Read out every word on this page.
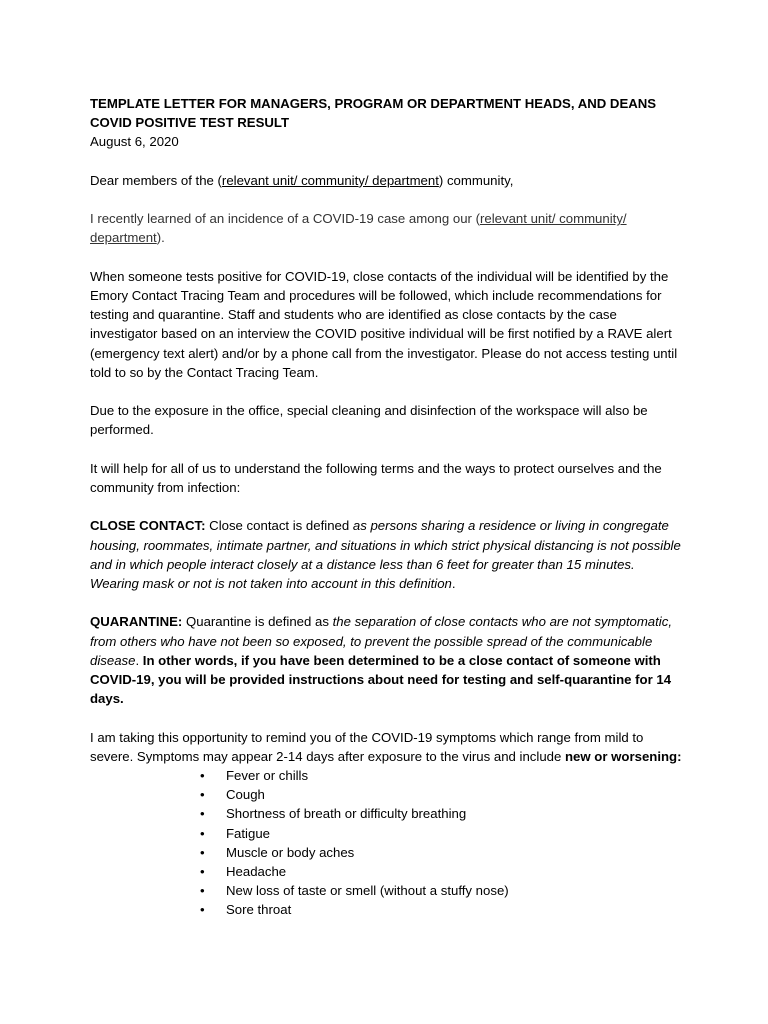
TEMPLATE LETTER FOR MANAGERS, PROGRAM OR DEPARTMENT HEADS, AND DEANS

COVID POSITIVE TEST RESULT

August 6, 2020

Dear members of the (relevant unit/ community/ department) community,

I recently learned of an incidence of a COVID-19 case among our (relevant unit/ community/ department).

When someone tests positive for COVID-19, close contacts of the individual will be identified by the Emory Contact Tracing Team and procedures will be followed, which include recommendations for testing and quarantine. Staff and students who are identified as close contacts by the case investigator based on an interview the COVID positive individual will be first notified by a RAVE alert (emergency text alert) and/or by a phone call from the investigator. Please do not access testing until told to so by the Contact Tracing Team.

Due to the exposure in the office, special cleaning and disinfection of the workspace will also be performed.

It will help for all of us to understand the following terms and the ways to protect ourselves and the community from infection:

CLOSE CONTACT: Close contact is defined as persons sharing a residence or living in congregate housing, roommates, intimate partner, and situations in which strict physical distancing is not possible and in which people interact closely at a distance less than 6 feet for greater than 15 minutes. Wearing mask or not is not taken into account in this definition.

QUARANTINE: Quarantine is defined as the separation of close contacts who are not symptomatic, from others who have not been so exposed, to prevent the possible spread of the communicable disease. In other words, if you have been determined to be a close contact of someone with COVID-19, you will be provided instructions about need for testing and self-quarantine for 14 days.

I am taking this opportunity to remind you of the COVID-19 symptoms which range from mild to severe. Symptoms may appear 2-14 days after exposure to the virus and include new or worsening:

• Fever or chills
• Cough
• Shortness of breath or difficulty breathing
• Fatigue
• Muscle or body aches
• Headache
• New loss of taste or smell (without a stuffy nose)
• Sore throat
